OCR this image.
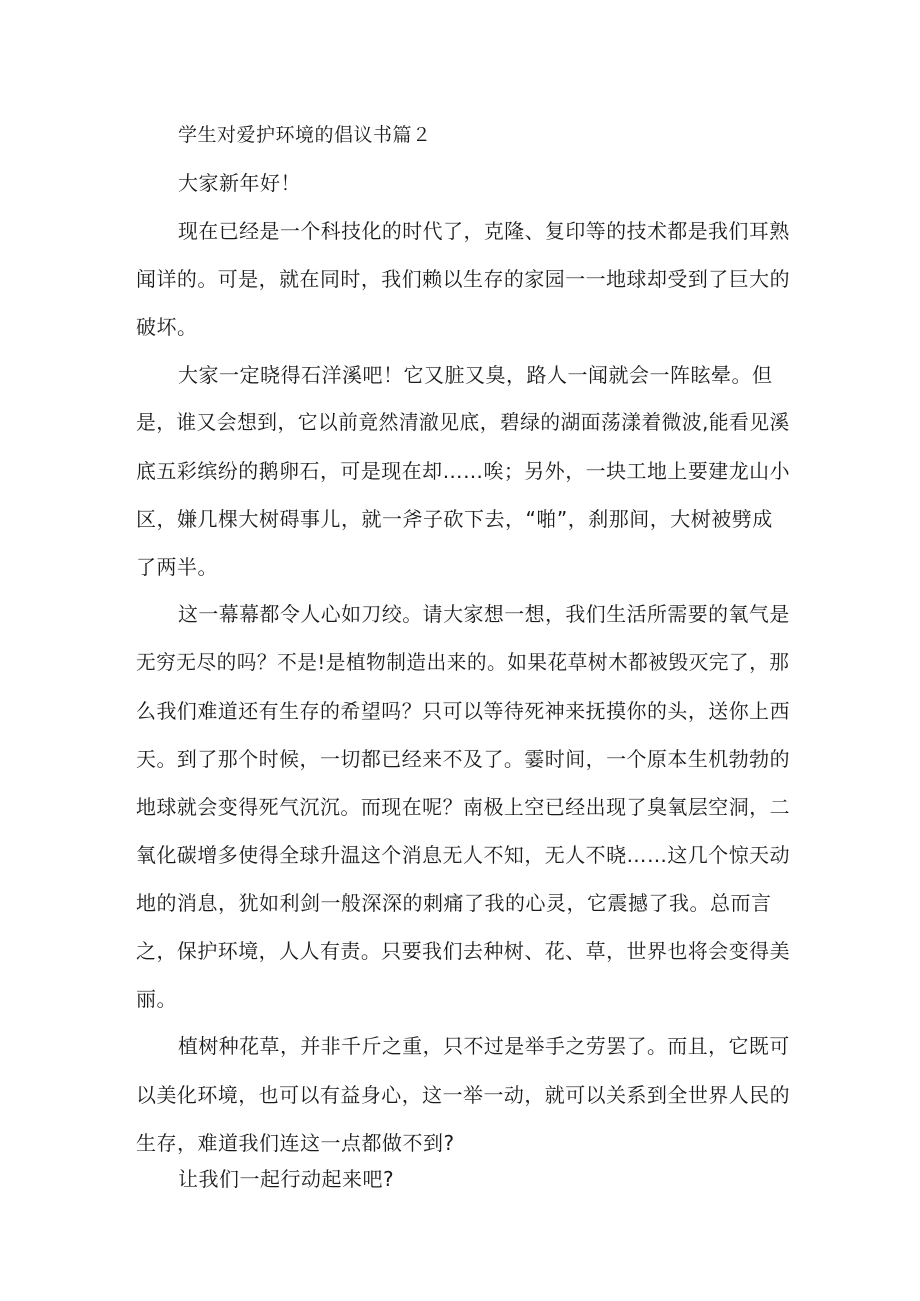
学生对爱护环境的倡议书篇２
大家新年好！
现在已经是一个科技化的时代了，克隆、复印等的技术都是我们耳熟
闻详的。可是，就在同时，我们赖以生存的家园一一地球却受到了巨大的
破坏。
大家一定晓得石洋溪吧！它又脏又臭，路人一闻就会一阵眩晕。但
是，谁又会想到，它以前竟然清澈见底，碧绿的湖面荡漾着微波,能看见溪
底五彩缤纷的鹅卵石，可是现在却……唉；另外，一块工地上要建龙山小
区，嫌几棵大树碍事儿，就一斧子砍下去，“啪”，刹那间，大树被劈成
了两半。
这一幕幕都令人心如刀绞。请大家想一想，我们生活所需要的氧气是
无穷无尽的吗？不是!是植物制造出来的。如果花草树木都被毁灭完了，那
么我们难道还有生存的希望吗？只可以等待死神来抚摸你的头，送你上西
天。到了那个时候，一切都已经来不及了。霎时间，一个原本生机勃勃的
地球就会变得死气沉沉。而现在呢？南极上空已经出现了臭氧层空洞，二
氧化碳增多使得全球升温这个消息无人不知，无人不晓……这几个惊天动
地的消息，犹如利剑一般深深的刺痛了我的心灵，它震撼了我。总而言
之，保护环境，人人有责。只要我们去种树、花、草，世界也将会变得美
丽。
植树种花草，并非千斤之重，只不过是举手之劳罢了。而且，它既可
以美化环境，也可以有益身心，这一举一动，就可以关系到全世界人民的
生存，难道我们连这一点都做不到?
让我们一起行动起来吧?
